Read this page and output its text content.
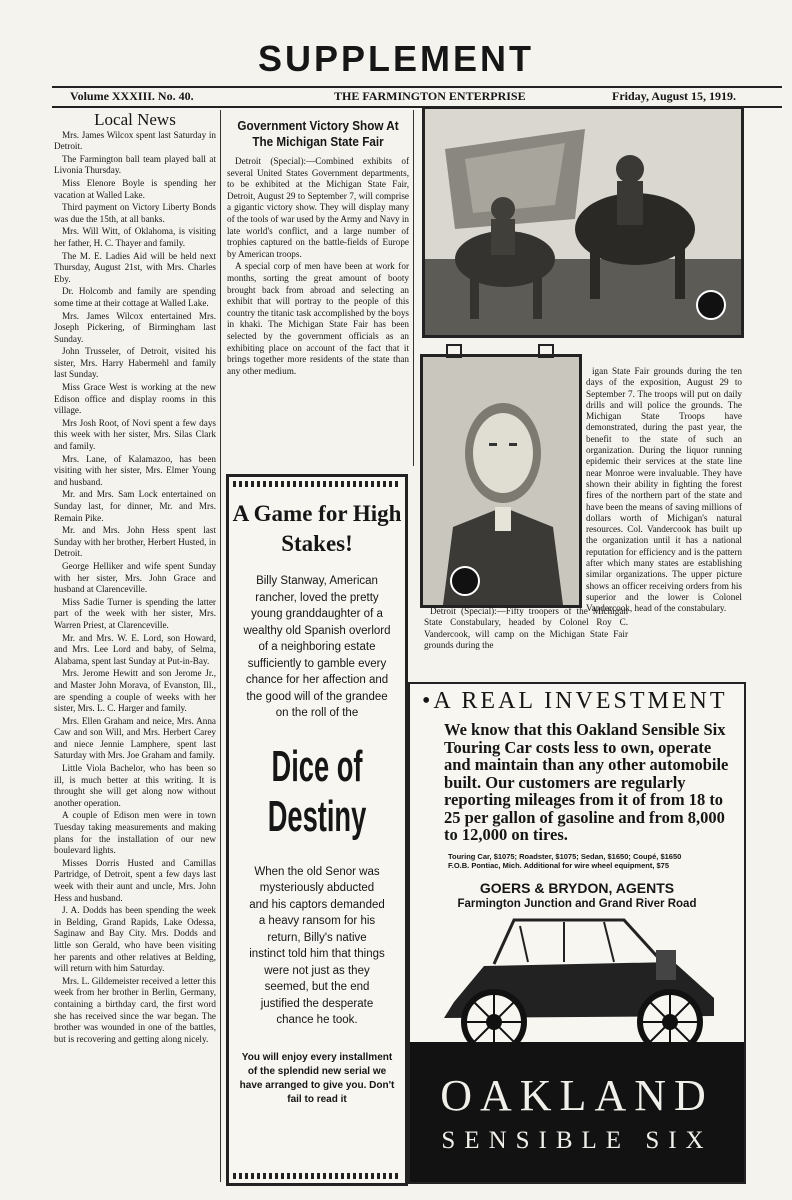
SUPPLEMENT
Volume XXXIII. No. 40.	THE FARMINGTON ENTERPRISE	Friday, August 15, 1919.
Local News

Mrs. James Wilcox spent last Saturday in Detroit.

The Farmington ball team played ball at Livonia Thursday.

Miss Elenore Boyle is spending her vacation at Walled Lake.

Third payment on Victory Liberty Bonds was due the 15th, at all banks.

Mrs. Will Witt, of Oklahoma, is visiting her father, H. C. Thayer and family.

The M. E. Ladies Aid will be held next Thursday, August 21st, with Mrs. Charles Eby.

Dr. Holcomb and family are spending some time at their cottage at Walled Lake.

Mrs. James Wilcox entertained Mrs. Joseph Pickering, of Birmingham last Sunday.

John Trusseler, of Detroit, visited his sister, Mrs. Harry Habermehl and family last Sunday.

Miss Grace West is working at the new Edison office and display rooms in this village.

Mrs Josh Root, of Novi spent a few days this week with her sister, Mrs. Silas Clark and family.

Mrs. Lane, of Kalamazoo, has been visiting with her sister, Mrs. Elmer Young and husband.

Mr. and Mrs. Sam Lock entertained on Sunday last, for dinner, Mr. and Mrs. Remain Pike.

Mr. and Mrs. John Hess spent last Sunday with her brother, Herbert Husted, in Detroit.

George Helliker and wife spent Sunday with her sister, Mrs. John Grace and husband at Clarenceville.

Miss Sadie Turner is spending the latter part of the week with her sister, Mrs. Warren Priest, at Clarenceville.

Mr. and Mrs. W. E. Lord, son Howard, and Mrs. Lee Lord and baby, of Selma, Alabama, spent last Sunday at Put-in-Bay.

Mrs. Jerome Hewitt and son Jerome Jr., and Master John Morava, of Evanston, Ill., are spending a couple of weeks with her sister, Mrs. L. C. Harger and family.

Mrs. Ellen Graham and neice, Mrs. Anna Caw and son Will, and Mrs. Herbert Carey and niece Jennie Lamphere, spent last Saturday with Mrs. Joe Graham and family.

Little Viola Bachelor, who has been so ill, is much better at this writing. It is throught she will get along now without another operation.

A couple of Edison men were in town Tuesday taking measurements and making plans for the installation of our new boulevard lights.

Misses Dorris Husted and Camillas Partridge, of Detroit, spent a few days last week with their aunt and uncle, Mrs. John Hess and husband.

J. A. Dodds has been spending the week in Belding, Grand Rapids, Lake Odessa, Saginaw and Bay City. Mrs. Dodds and little son Gerald, who have been visiting her parents and other relatives at Belding, will return with him Saturday.

Mrs. L. Gildemeister received a letter this week from her brother in Berlin, Germany, containing a birthday card, the first word she has received since the war began. The brother was wounded in one of the battles, but is recovering and getting along nicely.

Government Victory Show At The Michigan State Fair

Detroit (Special):—Combined exhibits of several United States Government departments, to be exhibited at the Michigan State Fair, Detroit, August 29 to September 7, will comprise a gigantic victory show. They will display many of the tools of war used by the Army and Navy in late world's conflict, and a large number of trophies captured on the battle-fields of Europe by American troops.

A special corp of men have been at work for months, sorting the great amount of booty brought back from abroad and selecting an exhibit that will portray to the people of this country the titanic task accomplished by the boys in khaki. The Michigan State Fair has been selected by the government officials as an exhibiting place on account of the fact that it brings together more residents of the state than any other medium.

A Game for High Stakes!
Billy Stanway, American rancher, loved the pretty young granddaughter of a wealthy old Spanish overlord of a neighboring estate sufficiently to gamble every chance for her affection and the good will of the grandee on the roll of the
Dice of Destiny
When the old Senor was mysteriously abducted and his captors demanded a heavy ransom for his return, Billy's native instinct told him that things were not just as they seemed, but the end justified the desperate chance he took.
You will enjoy every installment of the splendid new serial we have arranged to give you. Don't fail to read it

Detroit (Special):—Fifty troopers of the Michigan State Constabulary, headed by Colonel Roy C. Vandercook, will camp on the Michigan State Fair grounds during the

igan State Fair grounds during the ten days of the exposition, August 29 to September 7. The troops will put on daily drills and will police the grounds. The Michigan State Troops have demonstrated, during the past year, the benefit to the state of such an organization. During the liquor running epidemic their services at the state line near Monroe were invaluable. They have shown their ability in fighting the forest fires of the northern part of the state and have been the means of saving millions of dollars worth of Michigan's natural resources. Col. Vandercook has built up the organization until it has a national reputation for efficiency and is the pattern after which many states are establishing similar organizations. The upper picture shows an officer receiving orders from his superior and the lower is Colonel Vandercook, head of the constabulary.

•A REAL INVESTMENT
We know that this Oakland Sensible Six Touring Car costs less to own, operate and maintain than any other automobile built. Our customers are regularly reporting mileages from it of from 18 to 25 per gallon of gasoline and from 8,000 to 12,000 on tires.
Touring Car, $1075; Roadster, $1075; Sedan, $1650; Coupé, $1650
F.O.B. Pontiac, Mich. Additional for wire wheel equipment, $75
GOERS & BRYDON, AGENTS
Farmington Junction and Grand River Road
OAKLAND
SENSIBLE SIX
